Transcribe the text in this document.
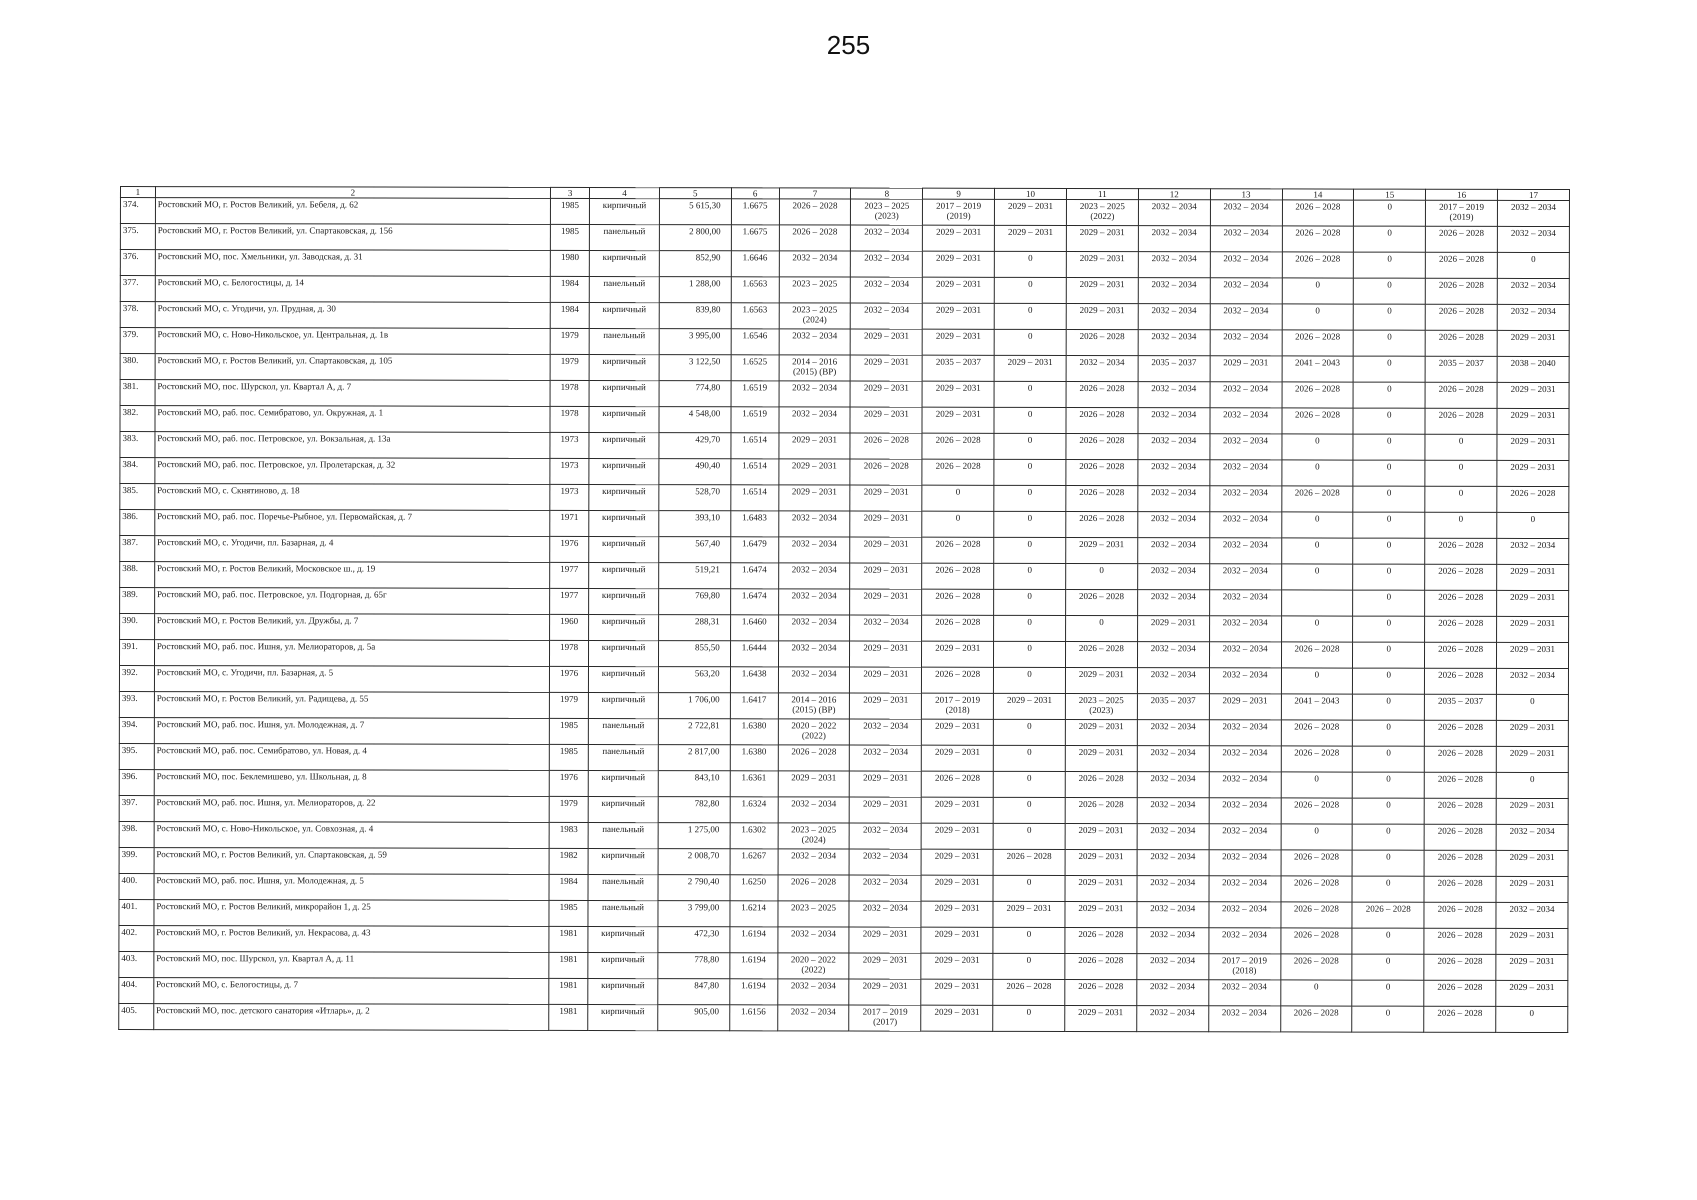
255
1	2	3	4	5	6	7	8	9	10	11	12	13	14	15	16	17
374.	Ростовский МО, г. Ростов Великий, ул. Бебеля, д. 62	1985	кирпичный	5 615,30	1.6675	2026 – 2028	2023 – 2025 (2023)	2017 – 2019 (2019)	2029 – 2031	2023 – 2025 (2022)	2032 – 2034	2032 – 2034	2026 – 2028	0	2017 – 2019 (2019)	2032 – 2034
375.	Ростовский МО, г. Ростов Великий, ул. Спартаковская, д. 156	1985	панельный	2 800,00	1.6675	2026 – 2028	2032 – 2034	2029 – 2031	2029 – 2031	2029 – 2031	2032 – 2034	2032 – 2034	2026 – 2028	0	2026 – 2028	2032 – 2034
376.	Ростовский МО, пос. Хмельники, ул. Заводская, д. 31	1980	кирпичный	852,90	1.6646	2032 – 2034	2032 – 2034	2029 – 2031	0	2029 – 2031	2032 – 2034	2032 – 2034	2026 – 2028	0	2026 – 2028	0
377.	Ростовский МО, с. Белогостицы, д. 14	1984	панельный	1 288,00	1.6563	2023 – 2025	2032 – 2034	2029 – 2031	0	2029 – 2031	2032 – 2034	2032 – 2034	0	0	2026 – 2028	2032 – 2034
378.	Ростовский МО, с. Угодичи, ул. Прудная, д. 30	1984	кирпичный	839,80	1.6563	2023 – 2025 (2024)	2032 – 2034	2029 – 2031	0	2029 – 2031	2032 – 2034	2032 – 2034	0	0	2026 – 2028	2032 – 2034
379.	Ростовский МО, с. Ново-Никольское, ул. Центральная, д. 1в	1979	панельный	3 995,00	1.6546	2032 – 2034	2029 – 2031	2029 – 2031	0	2026 – 2028	2032 – 2034	2032 – 2034	2026 – 2028	0	2026 – 2028	2029 – 2031
380.	Ростовский МО, г. Ростов Великий, ул. Спартаковская, д. 105	1979	кирпичный	3 122,50	1.6525	2014 – 2016 (2015) (ВР)	2029 – 2031	2035 – 2037	2029 – 2031	2032 – 2034	2035 – 2037	2029 – 2031	2041 – 2043	0	2035 – 2037	2038 – 2040
381.	Ростовский МО, пос. Шурскол, ул. Квартал А, д. 7	1978	кирпичный	774,80	1.6519	2032 – 2034	2029 – 2031	2029 – 2031	0	2026 – 2028	2032 – 2034	2032 – 2034	2026 – 2028	0	2026 – 2028	2029 – 2031
382.	Ростовский МО, раб. пос. Семибратово, ул. Окружная, д. 1	1978	кирпичный	4 548,00	1.6519	2032 – 2034	2029 – 2031	2029 – 2031	0	2026 – 2028	2032 – 2034	2032 – 2034	2026 – 2028	0	2026 – 2028	2029 – 2031
383.	Ростовский МО, раб. пос. Петровское, ул. Вокзальная, д. 13а	1973	кирпичный	429,70	1.6514	2029 – 2031	2026 – 2028	2026 – 2028	0	2026 – 2028	2032 – 2034	2032 – 2034	0	0	0	2029 – 2031
384.	Ростовский МО, раб. пос. Петровское, ул. Пролетарская, д. 32	1973	кирпичный	490,40	1.6514	2029 – 2031	2026 – 2028	2026 – 2028	0	2026 – 2028	2032 – 2034	2032 – 2034	0	0	0	2029 – 2031
385.	Ростовский МО, с. Скнятиново, д. 18	1973	кирпичный	528,70	1.6514	2029 – 2031	2029 – 2031	0	0	2026 – 2028	2032 – 2034	2032 – 2034	2026 – 2028	0	0	2026 – 2028
386.	Ростовский МО, раб. пос. Поречье-Рыбное, ул. Первомайская, д. 7	1971	кирпичный	393,10	1.6483	2032 – 2034	2029 – 2031	0	0	2026 – 2028	2032 – 2034	2032 – 2034	0	0	0	0
387.	Ростовский МО, с. Угодичи, пл. Базарная, д. 4	1976	кирпичный	567,40	1.6479	2032 – 2034	2029 – 2031	2026 – 2028	0	2029 – 2031	2032 – 2034	2032 – 2034	0	0	2026 – 2028	2032 – 2034
388.	Ростовский МО, г. Ростов Великий, Московское ш., д. 19	1977	кирпичный	519,21	1.6474	2032 – 2034	2029 – 2031	2026 – 2028	0	0	2032 – 2034	2032 – 2034	0	0	2026 – 2028	2029 – 2031
389.	Ростовский МО, раб. пос. Петровское, ул. Подгорная, д. 65г	1977	кирпичный	769,80	1.6474	2032 – 2034	2029 – 2031	2026 – 2028	0	2026 – 2028	2032 – 2034	2032 – 2034		0	2026 – 2028	2029 – 2031
390.	Ростовский МО, г. Ростов Великий, ул. Дружбы, д. 7	1960	кирпичный	288,31	1.6460	2032 – 2034	2032 – 2034	2026 – 2028	0	0	2029 – 2031	2032 – 2034	0	0	2026 – 2028	2029 – 2031
391.	Ростовский МО, раб. пос. Ишня, ул. Мелиораторов, д. 5а	1978	кирпичный	855,50	1.6444	2032 – 2034	2029 – 2031	2029 – 2031	0	2026 – 2028	2032 – 2034	2032 – 2034	2026 – 2028	0	2026 – 2028	2029 – 2031
392.	Ростовский МО, с. Угодичи, пл. Базарная, д. 5	1976	кирпичный	563,20	1.6438	2032 – 2034	2029 – 2031	2026 – 2028	0	2029 – 2031	2032 – 2034	2032 – 2034	0	0	2026 – 2028	2032 – 2034
393.	Ростовский МО, г. Ростов Великий, ул. Радищева, д. 55	1979	кирпичный	1 706,00	1.6417	2014 – 2016 (2015) (ВР)	2029 – 2031	2017 – 2019 (2018)	2029 – 2031	2023 – 2025 (2023)	2035 – 2037	2029 – 2031	2041 – 2043	0	2035 – 2037	0
394.	Ростовский МО, раб. пос. Ишня, ул. Молодежная, д. 7	1985	панельный	2 722,81	1.6380	2020 – 2022 (2022)	2032 – 2034	2029 – 2031	0	2029 – 2031	2032 – 2034	2032 – 2034	2026 – 2028	0	2026 – 2028	2029 – 2031
395.	Ростовский МО, раб. пос. Семибратово, ул. Новая, д. 4	1985	панельный	2 817,00	1.6380	2026 – 2028	2032 – 2034	2029 – 2031	0	2029 – 2031	2032 – 2034	2032 – 2034	2026 – 2028	0	2026 – 2028	2029 – 2031
396.	Ростовский МО, пос. Беклемишево, ул. Школьная, д. 8	1976	кирпичный	843,10	1.6361	2029 – 2031	2029 – 2031	2026 – 2028	0	2026 – 2028	2032 – 2034	2032 – 2034	0	0	2026 – 2028	0
397.	Ростовский МО, раб. пос. Ишня, ул. Мелиораторов, д. 22	1979	кирпичный	782,80	1.6324	2032 – 2034	2029 – 2031	2029 – 2031	0	2026 – 2028	2032 – 2034	2032 – 2034	2026 – 2028	0	2026 – 2028	2029 – 2031
398.	Ростовский МО, с. Ново-Никольское, ул. Совхозная, д. 4	1983	панельный	1 275,00	1.6302	2023 – 2025 (2024)	2032 – 2034	2029 – 2031	0	2029 – 2031	2032 – 2034	2032 – 2034	0	0	2026 – 2028	2032 – 2034
399.	Ростовский МО, г. Ростов Великий, ул. Спартаковская, д. 59	1982	кирпичный	2 008,70	1.6267	2032 – 2034	2032 – 2034	2029 – 2031	2026 – 2028	2029 – 2031	2032 – 2034	2032 – 2034	2026 – 2028	0	2026 – 2028	2029 – 2031
400.	Ростовский МО, раб. пос. Ишня, ул. Молодежная, д. 5	1984	панельный	2 790,40	1.6250	2026 – 2028	2032 – 2034	2029 – 2031	0	2029 – 2031	2032 – 2034	2032 – 2034	2026 – 2028	0	2026 – 2028	2029 – 2031
401.	Ростовский МО, г. Ростов Великий, микрорайон 1, д. 25	1985	панельный	3 799,00	1.6214	2023 – 2025	2032 – 2034	2029 – 2031	2029 – 2031	2029 – 2031	2032 – 2034	2032 – 2034	2026 – 2028	2026 – 2028	2026 – 2028	2032 – 2034
402.	Ростовский МО, г. Ростов Великий, ул. Некрасова, д. 43	1981	кирпичный	472,30	1.6194	2032 – 2034	2029 – 2031	2029 – 2031	0	2026 – 2028	2032 – 2034	2032 – 2034	2026 – 2028	0	2026 – 2028	2029 – 2031
403.	Ростовский МО, пос. Шурскол, ул. Квартал А, д. 11	1981	кирпичный	778,80	1.6194	2020 – 2022 (2022)	2029 – 2031	2029 – 2031	0	2026 – 2028	2032 – 2034	2017 – 2019 (2018)	2026 – 2028	0	2026 – 2028	2029 – 2031
404.	Ростовский МО, с. Белогостицы, д. 7	1981	кирпичный	847,80	1.6194	2032 – 2034	2029 – 2031	2029 – 2031	2026 – 2028	2026 – 2028	2032 – 2034	2032 – 2034	0	0	2026 – 2028	2029 – 2031
405.	Ростовский МО, пос. детского санатория «Итларь», д. 2	1981	кирпичный	905,00	1.6156	2032 – 2034	2017 – 2019 (2017)	2029 – 2031	0	2029 – 2031	2032 – 2034	2032 – 2034	2026 – 2028	0	2026 – 2028	0
